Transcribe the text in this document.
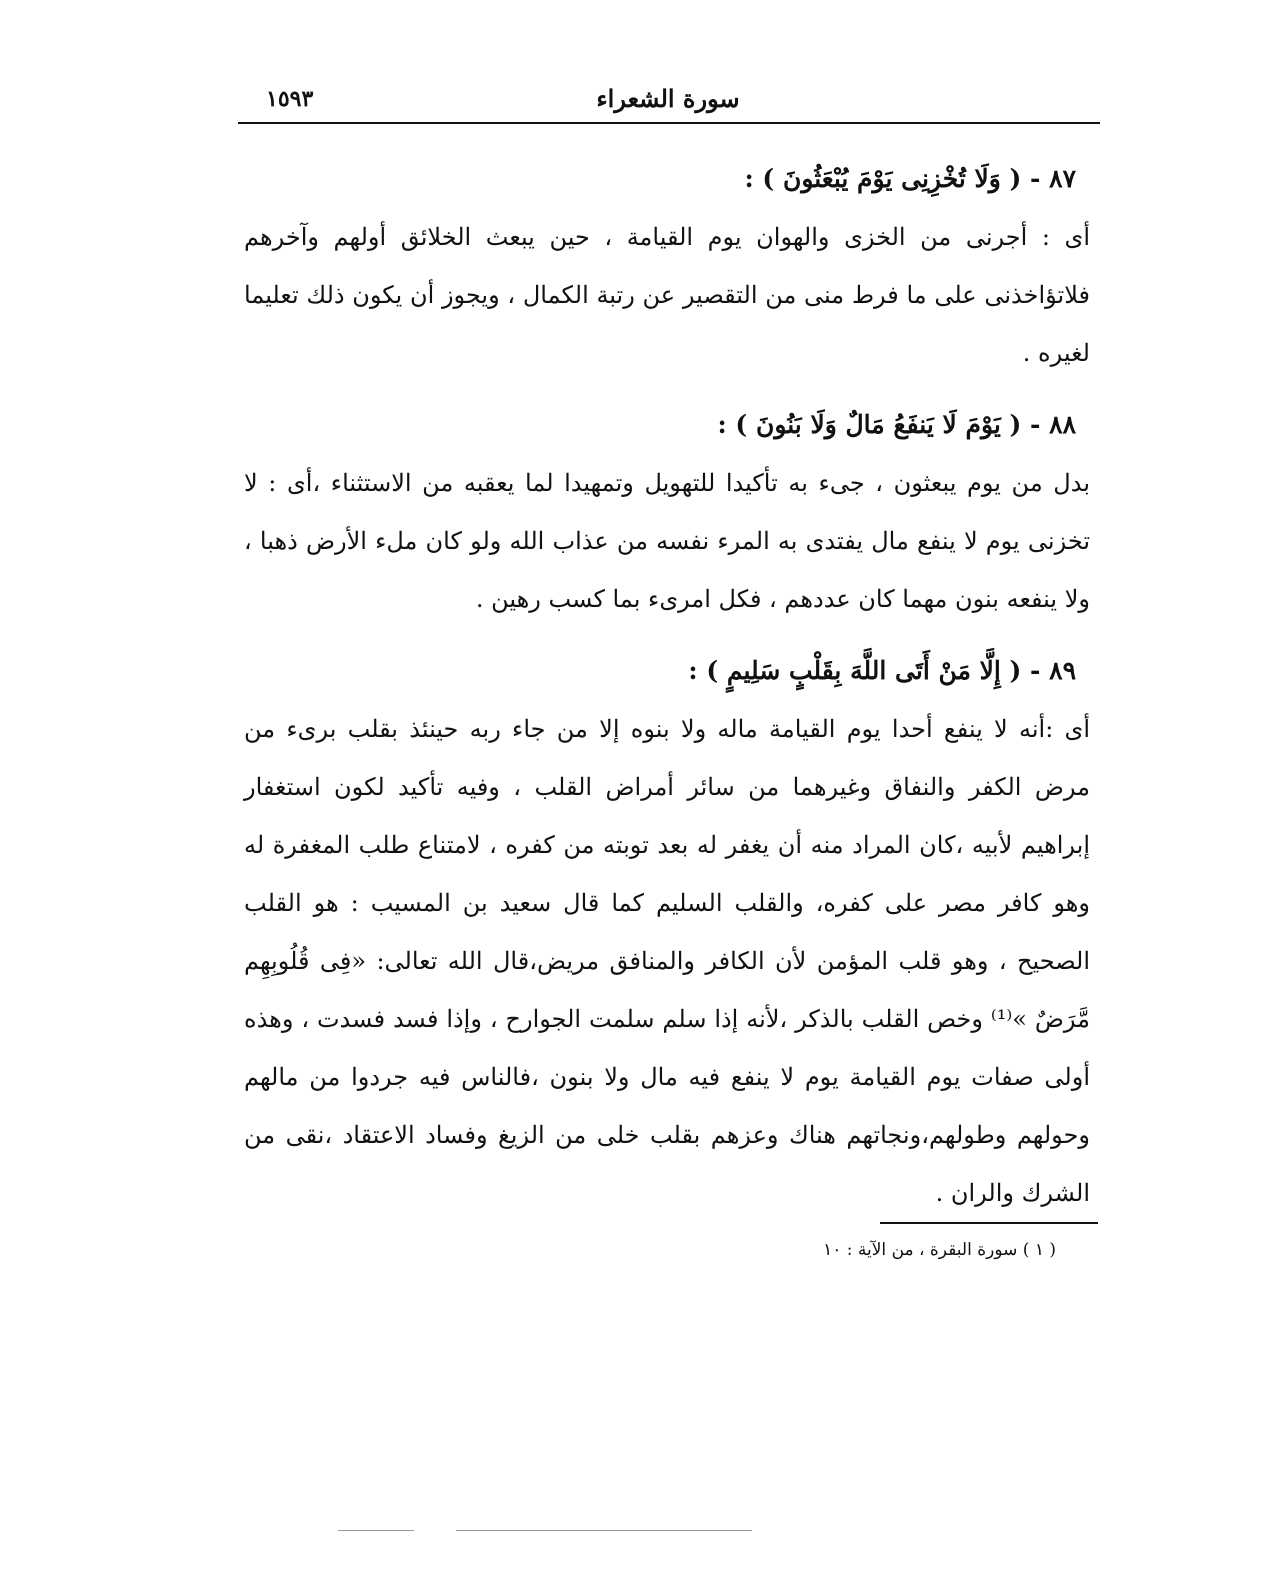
١٥٩٣	سورة الشعراء
٨٧ - ( وَلَا تُخْزِنِى يَوْمَ يُبْعَثُونَ ) :

أى : أجرنى من الخزى والهوان يوم القيامة ، حين يبعث الخلائق أولهم وآخرهم فلاتؤاخذنى على ما فرط منى من التقصير عن رتبة الكمال ، ويجوز أن يكون ذلك تعليما لغيره .

٨٨ - ( يَوْمَ لَا يَنفَعُ مَالٌ وَلَا بَنُونَ ) :

بدل من يوم يبعثون ، جىء به تأكيدا للتهويل وتمهيدا لما يعقبه من الاستثناء ،أى : لا تخزنى يوم لا ينفع مال يفتدى به المرء نفسه من عذاب الله ولو كان ملء الأرض ذهبا ، ولا ينفعه بنون مهما كان عددهم ، فكل امرىء بما كسب رهين .

٨٩ - ( إِلَّا مَنْ أَتَى اللَّهَ بِقَلْبٍ سَلِيمٍ ) :

أى :أنه لا ينفع أحدا يوم القيامة ماله ولا بنوه إلا من جاء ربه حينئذ بقلب برىء من مرض الكفر والنفاق وغيرهما من سائر أمراض القلب ، وفيه تأكيد لكون استغفار إبراهيم لأبيه ،كان المراد منه أن يغفر له بعد توبته من كفره ، لامتناع طلب المغفرة له وهو كافر مصر على كفره، والقلب السليم كما قال سعيد بن المسيب : هو القلب الصحيح ، وهو قلب المؤمن لأن الكافر والمنافق مريض،قال الله تعالى: «فِى قُلُوبِهِم مَّرَضٌ »⁽¹⁾ وخص القلب بالذكر ،لأنه إذا سلم سلمت الجوارح ، وإذا فسد فسدت ، وهذه أولى صفات يوم القيامة يوم لا ينفع فيه مال ولا بنون ،فالناس فيه جردوا من مالهم وحولهم وطولهم،ونجاتهم هناك وعزهم بقلب خلى من الزيغ وفساد الاعتقاد ،نقى من الشرك والران .

( ١ ) سورة البقرة ، من الآية : ١٠
